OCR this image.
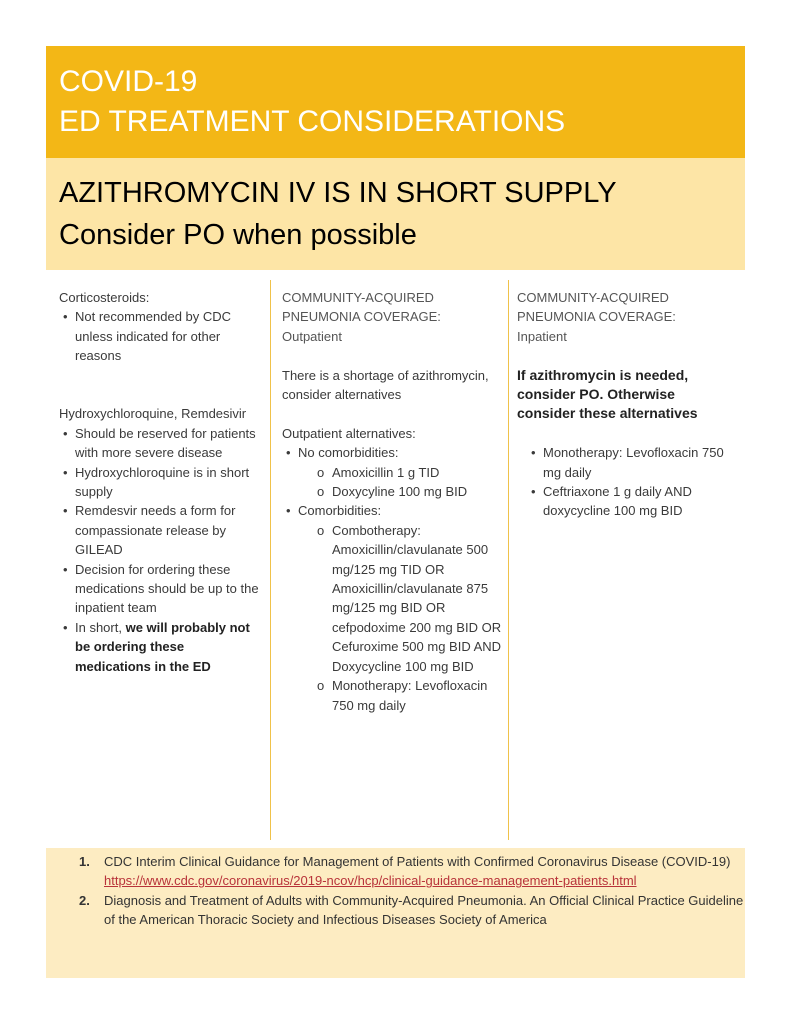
COVID-19
ED TREATMENT CONSIDERATIONS
AZITHROMYCIN IV IS IN SHORT SUPPLY
Consider PO when possible

Corticosteroids:

• Not recommended by CDC unless indicated for other reasons

Hydroxychloroquine, Remdesivir

• Should be reserved for patients with more severe disease
• Hydroxychloroquine is in short supply
• Remdesvir needs a form for compassionate release by GILEAD
• Decision for ordering these medications should be up to the inpatient team
• In short, we will probably not be ordering these medications in the ED

COMMUNITY-ACQUIRED

PNEUMONIA COVERAGE:

Outpatient

There is a shortage of azithromycin, consider alternatives

Outpatient alternatives:

• No comorbidities:
o Amoxicillin 1 g TID
o Doxycyline 100 mg BID
• Comorbidities:
o Combotherapy:
Amoxicillin/clavulanate 500 mg/125 mg TID OR
Amoxicillin/clavulanate 875 mg/125 mg BID OR
cefpodoxime 200 mg BID OR
Cefuroxime 500 mg BID AND
Doxycycline 100 mg BID
o Monotherapy: Levofloxacin 750 mg daily

COMMUNITY-ACQUIRED

PNEUMONIA COVERAGE:

Inpatient

If azithromycin is needed, consider PO. Otherwise consider these alternatives

• Monotherapy: Levofloxacin 750 mg daily
• Ceftriaxone 1 g daily AND doxycycline 100 mg BID
1. CDC Interim Clinical Guidance for Management of Patients with Confirmed Coronavirus Disease (COVID-19) https://www.cdc.gov/coronavirus/2019-ncov/hcp/clinical-guidance-management-patients.html
2. Diagnosis and Treatment of Adults with Community-Acquired Pneumonia. An Official Clinical Practice Guideline of the American Thoracic Society and Infectious Diseases Society of America
